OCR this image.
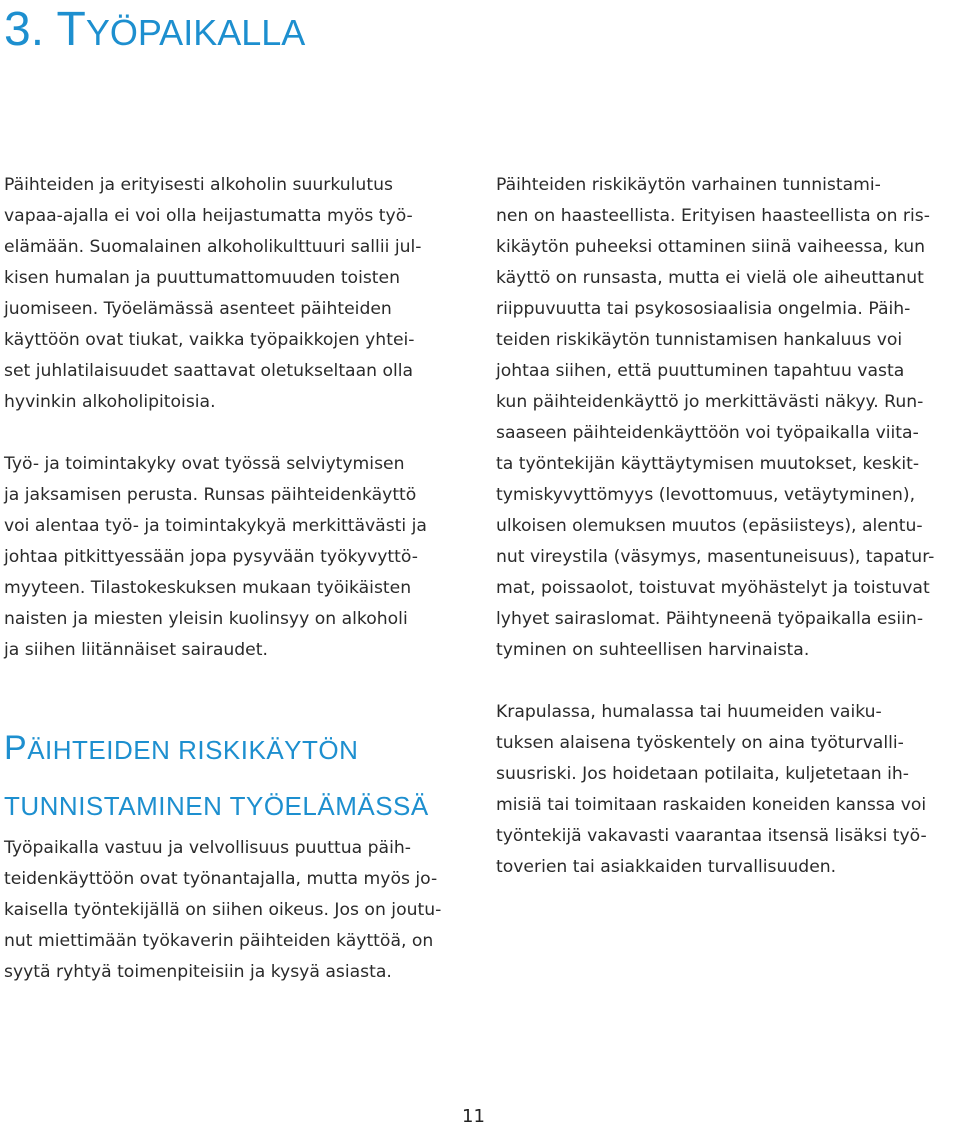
3. TYÖPAIKALLA
Päihteiden ja erityisesti alkoholin suurkulutus
vapaa-ajalla ei voi olla heijastumatta myös työ-
elämään. Suomalainen alkoholikulttuuri sallii jul-
kisen humalan ja puuttumattomuuden toisten
juomiseen. Työelämässä asenteet päihteiden
käyttöön ovat tiukat, vaikka työpaikkojen yhtei-
set juhlatilaisuudet saattavat oletukseltaan olla
hyvinkin alkoholipitoisia.
Työ- ja toimintakyky ovat työssä selviytymisen
ja jaksamisen perusta. Runsas päihteidenkäyttö
voi alentaa työ- ja toimintakykyä merkittävästi ja
johtaa pitkittyessään jopa pysyvään työkyvyttö-
myyteen. Tilastokeskuksen mukaan työikäisten
naisten ja miesten yleisin kuolinsyy on alkoholi
ja siihen liitännäiset sairaudet.
PÄIHTEIDEN RISKIKÄYTÖN
TUNNISTAMINEN TYÖELÄMÄSSÄ
Työpaikalla vastuu ja velvollisuus puuttua päih-
teidenkäyttöön ovat työnantajalla, mutta myös jo-
kaisella työntekijällä on siihen oikeus. Jos on joutu-
nut miettimään työkaverin päihteiden käyttöä, on
syytä ryhtyä toimenpiteisiin ja kysyä asiasta.
Päihteiden riskikäytön varhainen tunnistami-
nen on haasteellista. Erityisen haasteellista on ris-
kikäytön puheeksi ottaminen siinä vaiheessa, kun
käyttö on runsasta, mutta ei vielä ole aiheuttanut
riippuvuutta tai psykososiaalisia ongelmia. Päih-
teiden riskikäytön tunnistamisen hankaluus voi
johtaa siihen, että puuttuminen tapahtuu vasta
kun päihteidenkäyttö jo merkittävästi näkyy. Run-
saaseen päihteidenkäyttöön voi työpaikalla viita-
ta työntekijän käyttäytymisen muutokset, keskit-
tymiskyvyttömyys (levottomuus, vetäytyminen),
ulkoisen olemuksen muutos (epäsiisteys), alentu-
nut vireystila (väsymys, masentuneisuus), tapatur-
mat, poissaolot, toistuvat myöhästelyt ja toistuvat
lyhyet sairaslomat. Päihtyneenä työpaikalla esiin-
tyminen on suhteellisen harvinaista.
Krapulassa, humalassa tai huumeiden vaiku-
tuksen alaisena työskentely on aina työturvalli-
suusriski. Jos hoidetaan potilaita, kuljetetaan ih-
misiä tai toimitaan raskaiden koneiden kanssa voi
työntekijä vakavasti vaarantaa itsensä lisäksi työ-
toverien tai asiakkaiden turvallisuuden.
11
